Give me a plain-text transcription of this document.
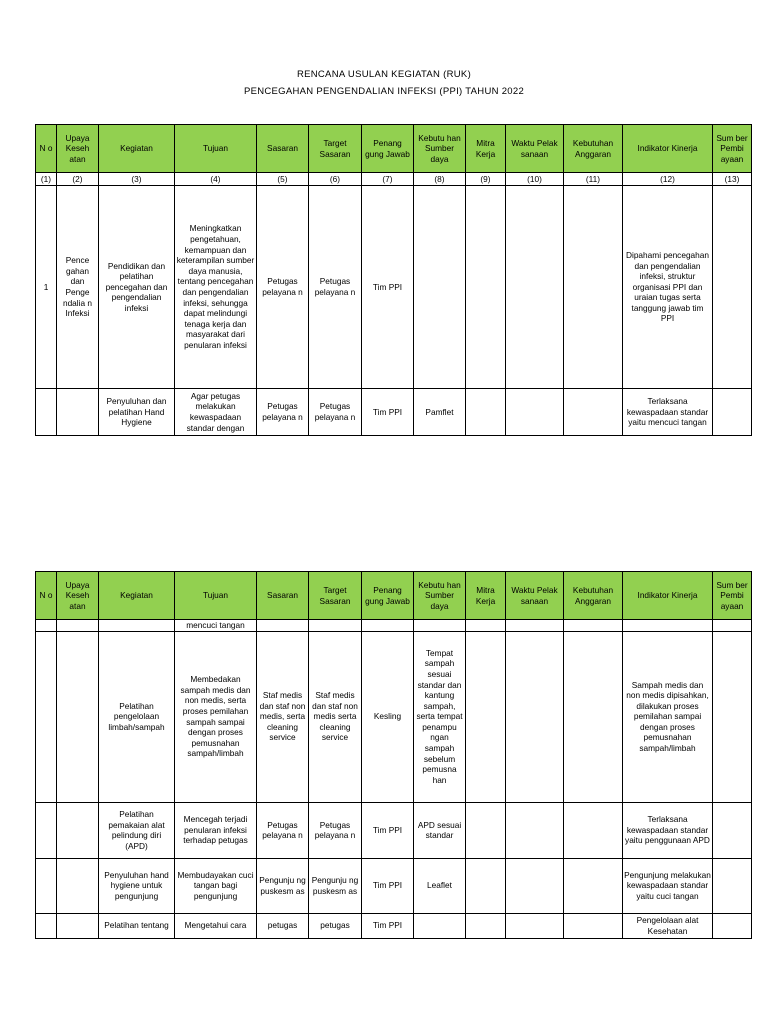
RENCANA USULAN KEGIATAN (RUK)
PENCEGAHAN PENGENDALIAN INFEKSI (PPI) TAHUN 2022
N o	Upaya Keseh atan	Kegiatan	Tujuan	Sasaran	Target Sasaran	Penang gung Jawab	Kebutu han Sumber daya	Mitra Kerja	Waktu Pelak sanaan	Kebutuhan Anggaran	Indikator Kinerja	Sum ber Pembi ayaan
(1)	(2)	(3)	(4)	(5)	(6)	(7)	(8)	(9)	(10)	(11)	(12)	(13)
1	Pence gahan dan Penge ndalia n Infeksi	Pendidikan dan pelatihan pencegahan dan pengendalian infeksi	Meningkatkan pengetahuan, kemampuan dan keterampilan sumber daya manusia, tentang pencegahan dan pengendalian infeksi, sehungga dapat melindungi tenaga kerja dan masyarakat dari penularan infeksi	Petugas pelayana n	Petugas pelayana n	Tim PPI					Dipahami pencegahan dan pengendalian infeksi, struktur organisasi PPI dan uraian tugas serta tanggung jawab tim PPI	
		Penyuluhan dan pelatihan Hand Hygiene	Agar petugas melakukan kewaspadaan standar dengan	Petugas pelayana n	Petugas pelayana n	Tim PPI	Pamflet				Terlaksana kewaspadaan standar yaitu mencuci tangan	
N o	Upaya Keseh atan	Kegiatan	Tujuan	Sasaran	Target Sasaran	Penang gung Jawab	Kebutu han Sumber daya	Mitra Kerja	Waktu Pelak sanaan	Kebutuhan Anggaran	Indikator Kinerja	Sum ber Pembi ayaan
			mencuci tangan									
		Pelatihan pengelolaan limbah/sampah	Membedakan sampah medis dan non medis, serta proses pemilahan sampah sampai dengan proses pemusnahan sampah/limbah	Staf medis dan staf non medis, serta cleaning service	Staf medis dan staf non medis serta cleaning service	Kesling	Tempat sampah sesuai standar dan kantung sampah, serta tempat penampu ngan sampah sebelum pemusna han				Sampah medis dan non medis dipisahkan, dilakukan proses pemilahan sampai dengan proses pemusnahan sampah/limbah	
		Pelatihan pemakaian alat pelindung diri (APD)	Mencegah terjadi penularan infeksi terhadap petugas	Petugas pelayana n	Petugas pelayana n	Tim PPI	APD sesuai standar				Terlaksana kewaspadaan standar yaitu penggunaan APD	
		Penyuluhan hand hygiene untuk pengunjung	Membudayakan cuci tangan bagi pengunjung	Pengunju ng puskesm as	Pengunju ng puskesm as	Tim PPI	Leaflet				Pengunjung melakukan kewaspadaan standar yaitu cuci tangan	
		Pelatihan tentang	Mengetahui cara	petugas	petugas	Tim PPI					Pengelolaan alat Kesehatan	
